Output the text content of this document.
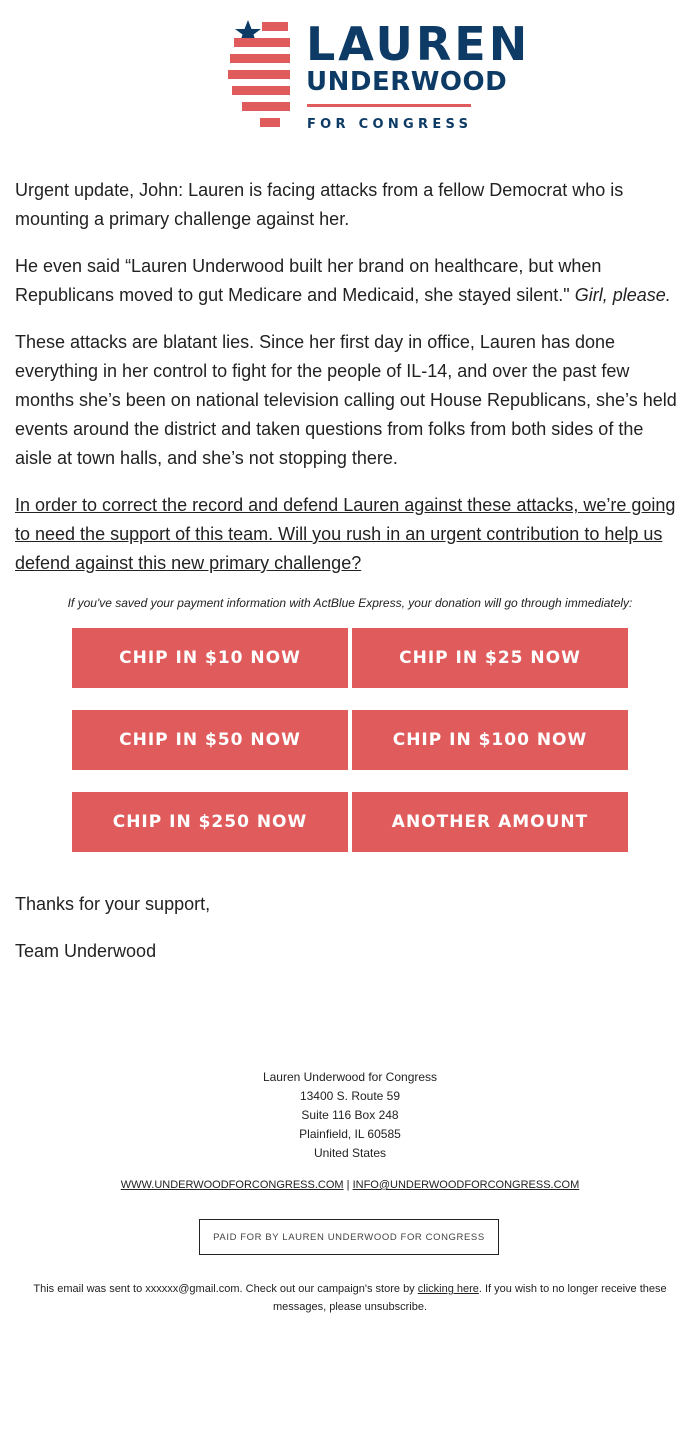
LAUREN
UNDERWOOD
FOR CONGRESS

Urgent update, John: Lauren is facing attacks from a fellow Democrat who is mounting a primary challenge against her.

He even said “Lauren Underwood built her brand on healthcare, but when Republicans moved to gut Medicare and Medicaid, she stayed silent." Girl, please.

These attacks are blatant lies. Since her first day in office, Lauren has done everything in her control to fight for the people of IL-14, and over the past few months she’s been on national television calling out House Republicans, she’s held events around the district and taken questions from folks from both sides of the aisle at town halls, and she’s not stopping there.

In order to correct the record and defend Lauren against these attacks, we’re going to need the support of this team. Will you rush in an urgent contribution to help us defend against this new primary challenge?

If you've saved your payment information with ActBlue Express, your donation will go through immediately:
CHIP IN $10 NOW	CHIP IN $25 NOW
CHIP IN $50 NOW	CHIP IN $100 NOW
CHIP IN $250 NOW	ANOTHER AMOUNT

Thanks for your support,

Team Underwood

Lauren Underwood for Congress
13400 S. Route 59
Suite 116 Box 248
Plainfield, IL 60585
United States
WWW.UNDERWOODFORCONGRESS.COM | INFO@UNDERWOODFORCONGRESS.COM
PAID FOR BY LAUREN UNDERWOOD FOR CONGRESS
This email was sent to xxxxxx@gmail.com. Check out our campaign's store by clicking here. If you wish to no longer receive these messages, please unsubscribe.
